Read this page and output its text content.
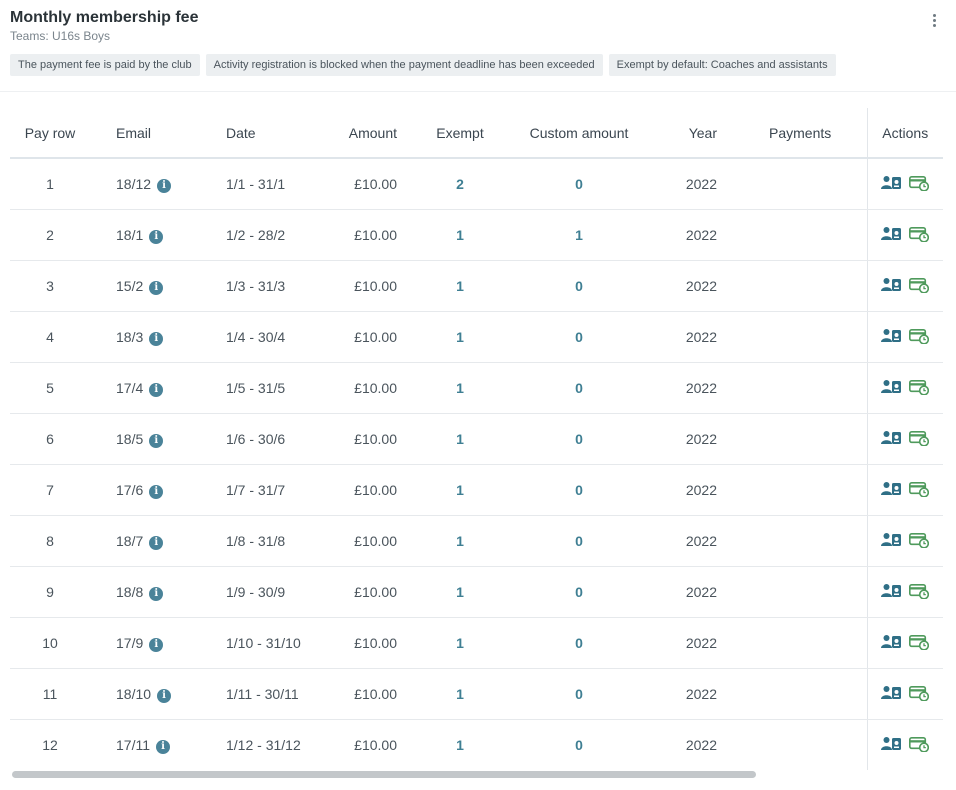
Monthly membership fee
Teams: U16s Boys
The payment fee is paid by the club	Activity registration is blocked when the payment deadline has been exceeded	Exempt by default: Coaches and assistants
Pay row	Email	Date	Amount	Exempt	Custom amount	Year	Payments	Actions
1	18/12 i	1/1 - 31/1	£10.00	2	0	2022		
2	18/1 i	1/2 - 28/2	£10.00	1	1	2022		
3	15/2 i	1/3 - 31/3	£10.00	1	0	2022		
4	18/3 i	1/4 - 30/4	£10.00	1	0	2022		
5	17/4 i	1/5 - 31/5	£10.00	1	0	2022		
6	18/5 i	1/6 - 30/6	£10.00	1	0	2022		
7	17/6 i	1/7 - 31/7	£10.00	1	0	2022		
8	18/7 i	1/8 - 31/8	£10.00	1	0	2022		
9	18/8 i	1/9 - 30/9	£10.00	1	0	2022		
10	17/9 i	1/10 - 31/10	£10.00	1	0	2022		
11	18/10 i	1/11 - 30/11	£10.00	1	0	2022		
12	17/11 i	1/12 - 31/12	£10.00	1	0	2022		
